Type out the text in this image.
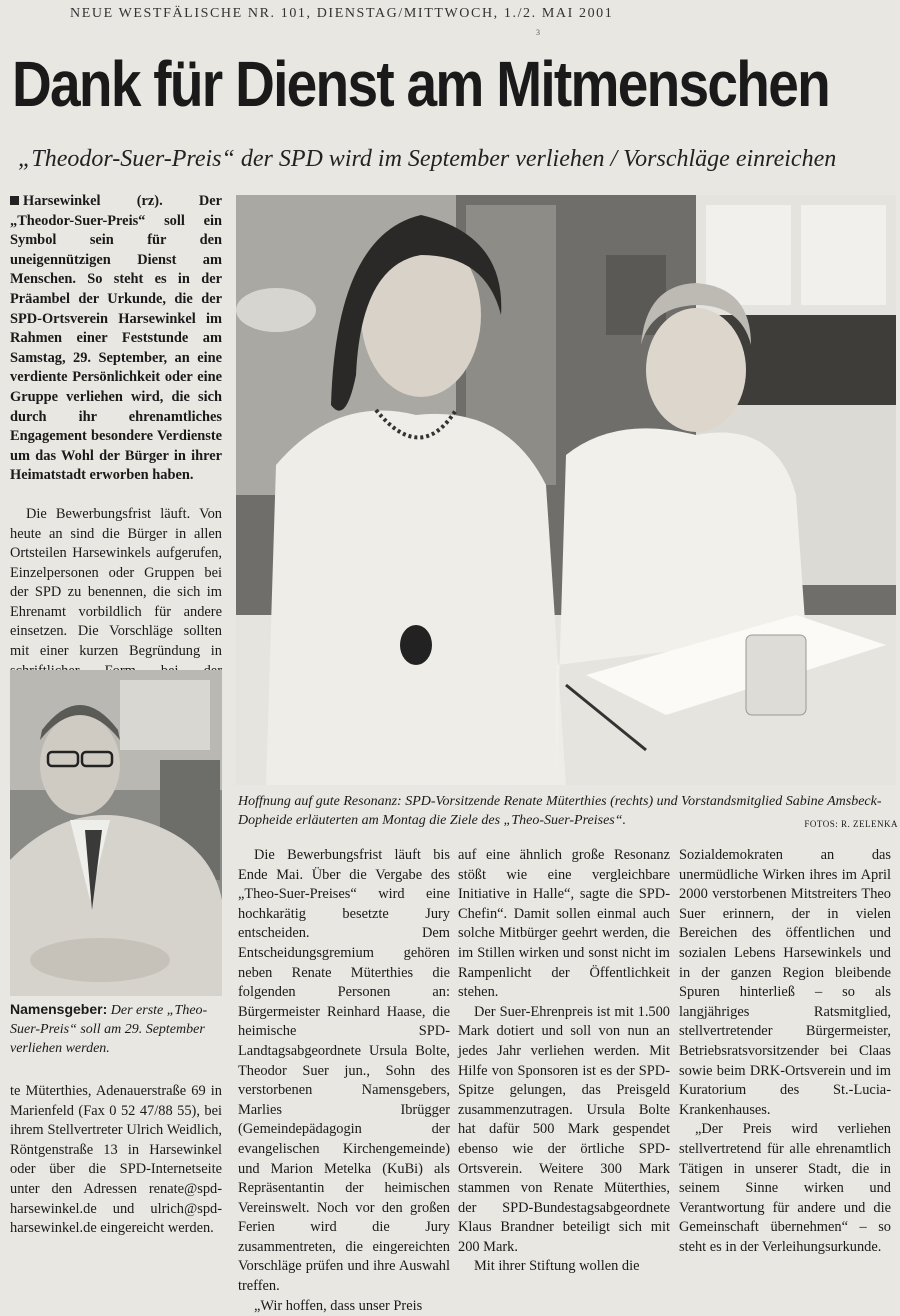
NEUE WESTFÄLISCHE NR. 101, DIENSTAG/MITTWOCH, 1./2. MAI 2001
3
Dank für Dienst am Mitmenschen
„Theodor-Suer-Preis“ der SPD wird im September verliehen / Vorschläge einreichen

Harsewinkel (rz). Der „Theodor-Suer-Preis“ soll ein Symbol sein für den uneigennützigen Dienst am Menschen. So steht es in der Präambel der Urkunde, die der SPD-Ortsverein Harsewinkel im Rahmen einer Feststunde am Samstag, 29. September, an eine verdiente Persönlichkeit oder eine Gruppe verliehen wird, die sich durch ihr ehrenamtliches Engagement besondere Verdienste um das Wohl der Bürger in ihrer Heimatstadt erworben haben.

Die Bewerbungsfrist läuft. Von heute an sind die Bürger in allen Ortsteilen Harsewinkels aufgerufen, Einzelpersonen oder Gruppen bei der SPD zu benennen, die sich im Ehrenamt vorbildlich für andere einsetzen. Die Vorschläge sollten mit einer kurzen Begründung in

Namensgeber: Der erste „Theo-Suer-Preis“ soll am 29. September verliehen werden.

te Müterthies, Adenauerstraße 69 in Marienfeld (Fax 0 52 47/88 55), bei ihrem Stellvertreter Ulrich Weidlich, Röntgenstraße 13 in Harsewinkel oder über die SPD-Internetseite unter den Adressen renate@spd-harsewinkel.de und ulrich@spd-harsewinkel.de eingereicht werden.

Hoffnung auf gute Resonanz: SPD-Vorsitzende Renate Müterthies (rechts) und Vorstandsmitglied Sabine Amsbeck-Dopheide erläuterten am Montag die Ziele des „Theo-Suer-Preises“.	FOTOS: R. ZELENKA

Die Bewerbungsfrist läuft bis Ende Mai. Über die Vergabe des „Theo-Suer-Preises“ wird eine hochkarätig besetzte Jury entscheiden. Dem Entscheidungsgremium gehören neben Renate Müterthies die folgenden Personen an: Bürgermeister Reinhard Haase, die heimische SPD-Landtagsabgeordnete Ursula Bolte, Theodor Suer jun., Sohn des verstorbenen Namensgebers, Marlies Ibrügger (Gemeindepädagogin der evangelischen Kirchengemeinde) und Marion Metelka (KuBi) als Repräsentantin der heimischen Vereinswelt. Noch vor den großen Ferien wird die Jury zusammentreten, die eingereichten Vorschläge prüfen und ihre Auswahl treffen.

„Wir hoffen, dass unser Preis

auf eine ähnlich große Resonanz stößt wie eine vergleichbare Initiative in Halle“, sagte die SPD-Chefin“. Damit sollen einmal auch solche Mitbürger geehrt werden, die im Stillen wirken und sonst nicht im Rampenlicht der Öffentlichkeit stehen.

Der Suer-Ehrenpreis ist mit 1.500 Mark dotiert und soll von nun an jedes Jahr verliehen werden. Mit Hilfe von Sponsoren ist es der SPD-Spitze gelungen, das Preisgeld zusammenzutragen. Ursula Bolte hat dafür 500 Mark gespendet ebenso wie der örtliche SPD-Ortsverein. Weitere 300 Mark stammen von Renate Müterthies, der SPD-Bundestagsabgeordnete Klaus Brandner beteiligt sich mit 200 Mark.

Mit ihrer Stiftung wollen die

Sozialdemokraten an das unermüdliche Wirken ihres im April 2000 verstorbenen Mitstreiters Theo Suer erinnern, der in vielen Bereichen des öffentlichen und sozialen Lebens Harsewinkels und in der ganzen Region bleibende Spuren hinterließ – so als langjähriges Ratsmitglied, stellvertretender Bürgermeister, Betriebsratsvorsitzender bei Claas sowie beim DRK-Ortsverein und im Kuratorium des St.-Lucia-Krankenhauses.

„Der Preis wird verliehen stellvertretend für alle ehrenamtlich Tätigen in unserer Stadt, die in seinem Sinne wirken und Verantwortung für andere und die Gemeinschaft übernehmen“ – so steht es in der Verleihungsurkunde.
